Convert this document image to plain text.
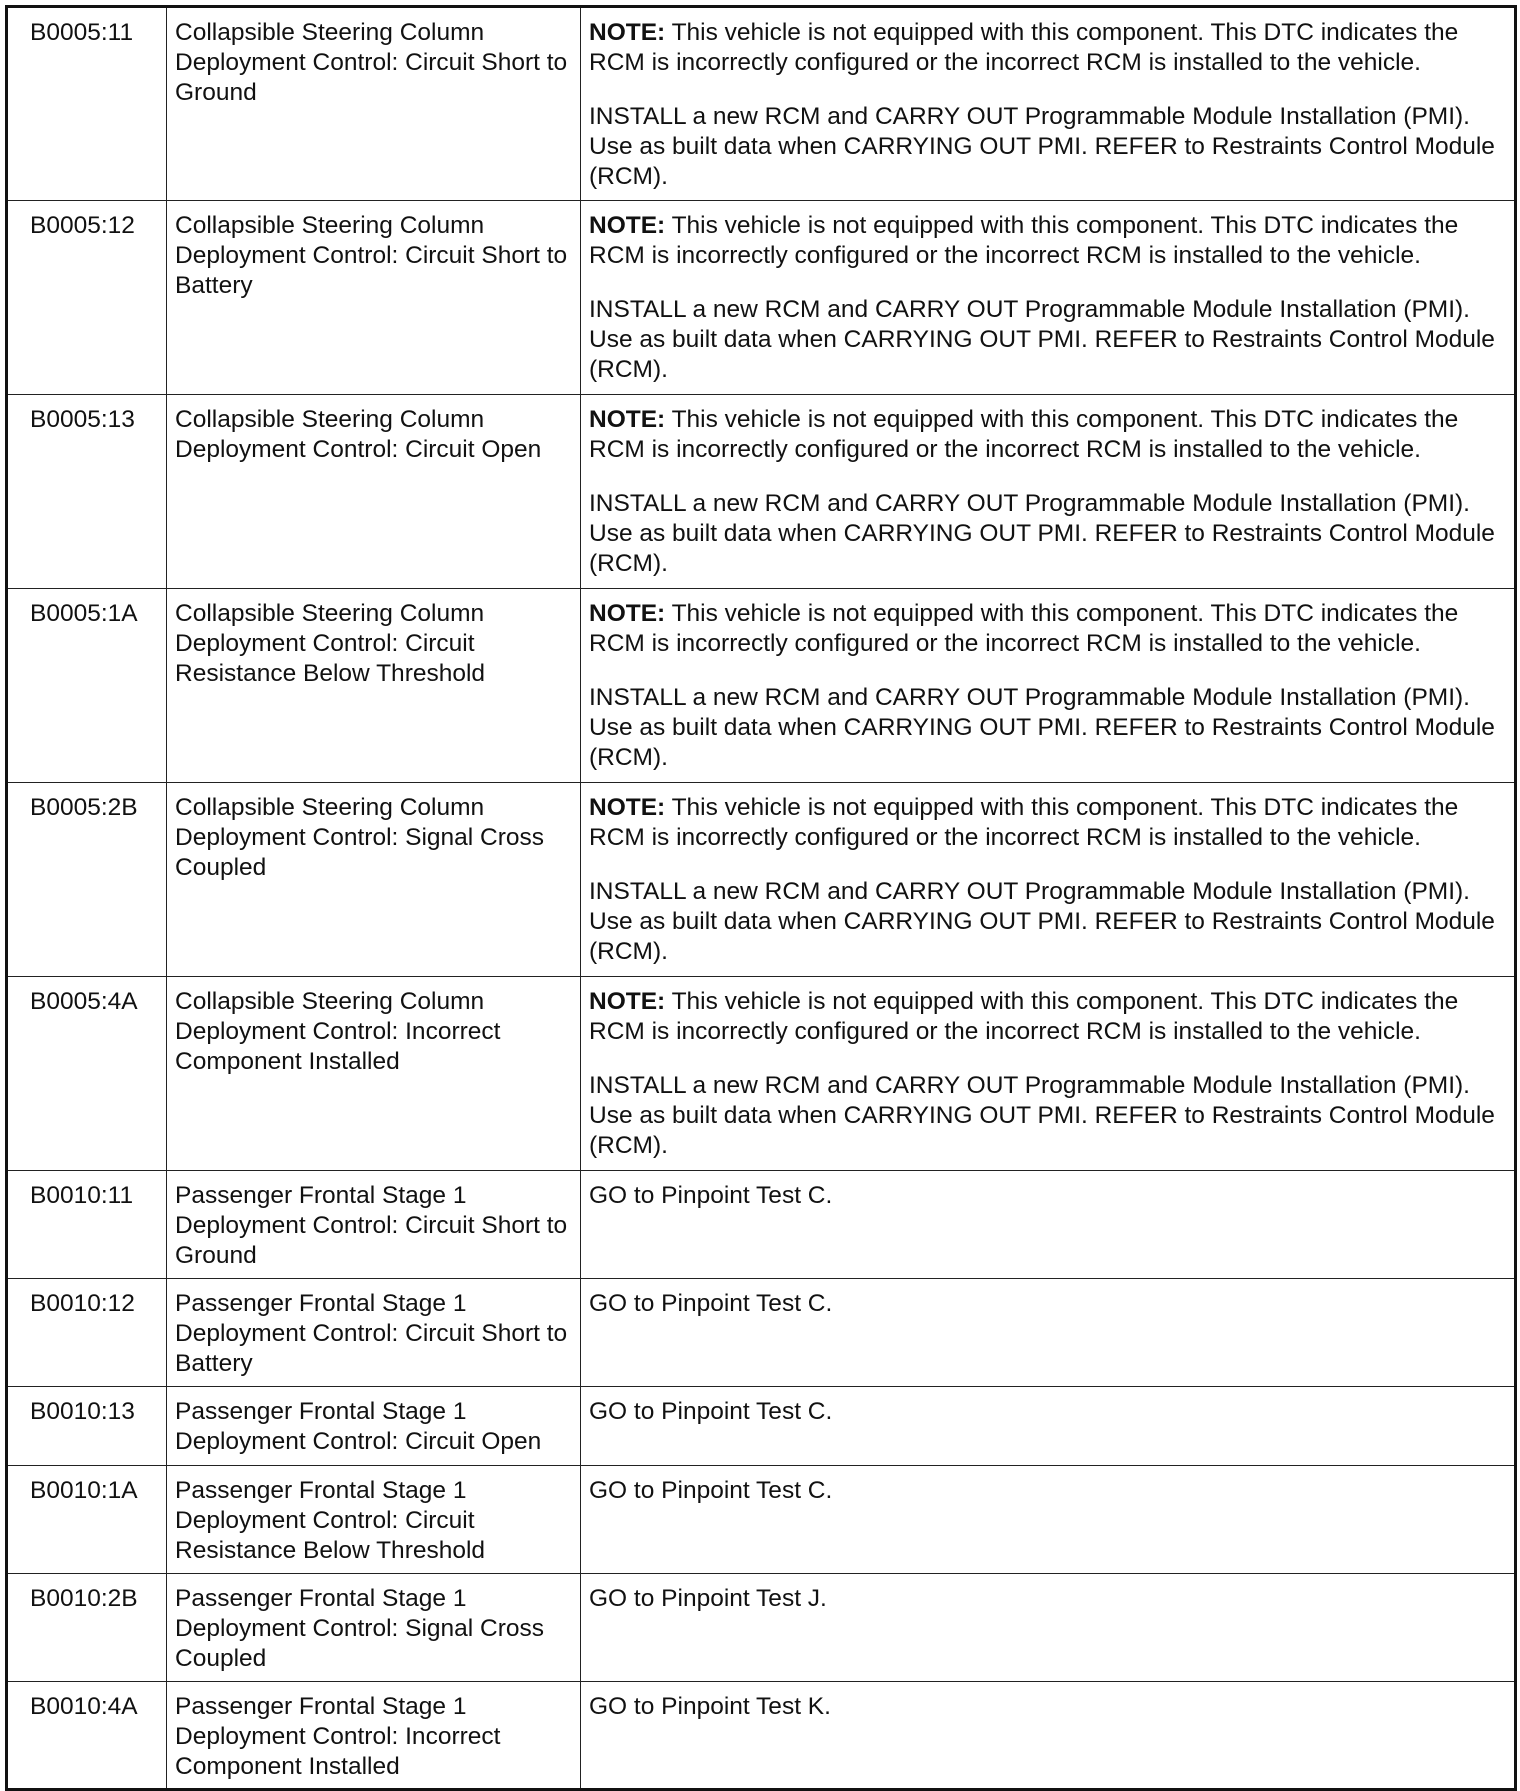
B0005:11	Collapsible Steering Column Deployment Control: Circuit Short to Ground	NOTE: This vehicle is not equipped with this component. This DTC indicates the RCM is incorrectly configured or the incorrect RCM is installed to the vehicle.

INSTALL a new RCM and CARRY OUT Programmable Module Installation (PMI). Use as built data when CARRYING OUT PMI. REFER to Restraints Control Module (RCM).

B0005:12	Collapsible Steering Column Deployment Control: Circuit Short to Battery	NOTE: This vehicle is not equipped with this component. This DTC indicates the RCM is incorrectly configured or the incorrect RCM is installed to the vehicle.

INSTALL a new RCM and CARRY OUT Programmable Module Installation (PMI). Use as built data when CARRYING OUT PMI. REFER to Restraints Control Module (RCM).

B0005:13	Collapsible Steering Column Deployment Control: Circuit Open	NOTE: This vehicle is not equipped with this component. This DTC indicates the RCM is incorrectly configured or the incorrect RCM is installed to the vehicle.

INSTALL a new RCM and CARRY OUT Programmable Module Installation (PMI). Use as built data when CARRYING OUT PMI. REFER to Restraints Control Module (RCM).

B0005:1A	Collapsible Steering Column Deployment Control: Circuit Resistance Below Threshold	NOTE: This vehicle is not equipped with this component. This DTC indicates the RCM is incorrectly configured or the incorrect RCM is installed to the vehicle.

INSTALL a new RCM and CARRY OUT Programmable Module Installation (PMI). Use as built data when CARRYING OUT PMI. REFER to Restraints Control Module (RCM).

B0005:2B	Collapsible Steering Column Deployment Control: Signal Cross Coupled	NOTE: This vehicle is not equipped with this component. This DTC indicates the RCM is incorrectly configured or the incorrect RCM is installed to the vehicle.

INSTALL a new RCM and CARRY OUT Programmable Module Installation (PMI). Use as built data when CARRYING OUT PMI. REFER to Restraints Control Module (RCM).

B0005:4A	Collapsible Steering Column Deployment Control: Incorrect Component Installed	NOTE: This vehicle is not equipped with this component. This DTC indicates the RCM is incorrectly configured or the incorrect RCM is installed to the vehicle.

INSTALL a new RCM and CARRY OUT Programmable Module Installation (PMI). Use as built data when CARRYING OUT PMI. REFER to Restraints Control Module (RCM).

B0010:11	Passenger Frontal Stage 1 Deployment Control: Circuit Short to Ground	GO to Pinpoint Test C.

B0010:12	Passenger Frontal Stage 1 Deployment Control: Circuit Short to Battery	GO to Pinpoint Test C.

B0010:13	Passenger Frontal Stage 1 Deployment Control: Circuit Open	GO to Pinpoint Test C.

B0010:1A	Passenger Frontal Stage 1 Deployment Control: Circuit Resistance Below Threshold	GO to Pinpoint Test C.

B0010:2B	Passenger Frontal Stage 1 Deployment Control: Signal Cross Coupled	GO to Pinpoint Test J.

B0010:4A	Passenger Frontal Stage 1 Deployment Control: Incorrect Component Installed	GO to Pinpoint Test K.
